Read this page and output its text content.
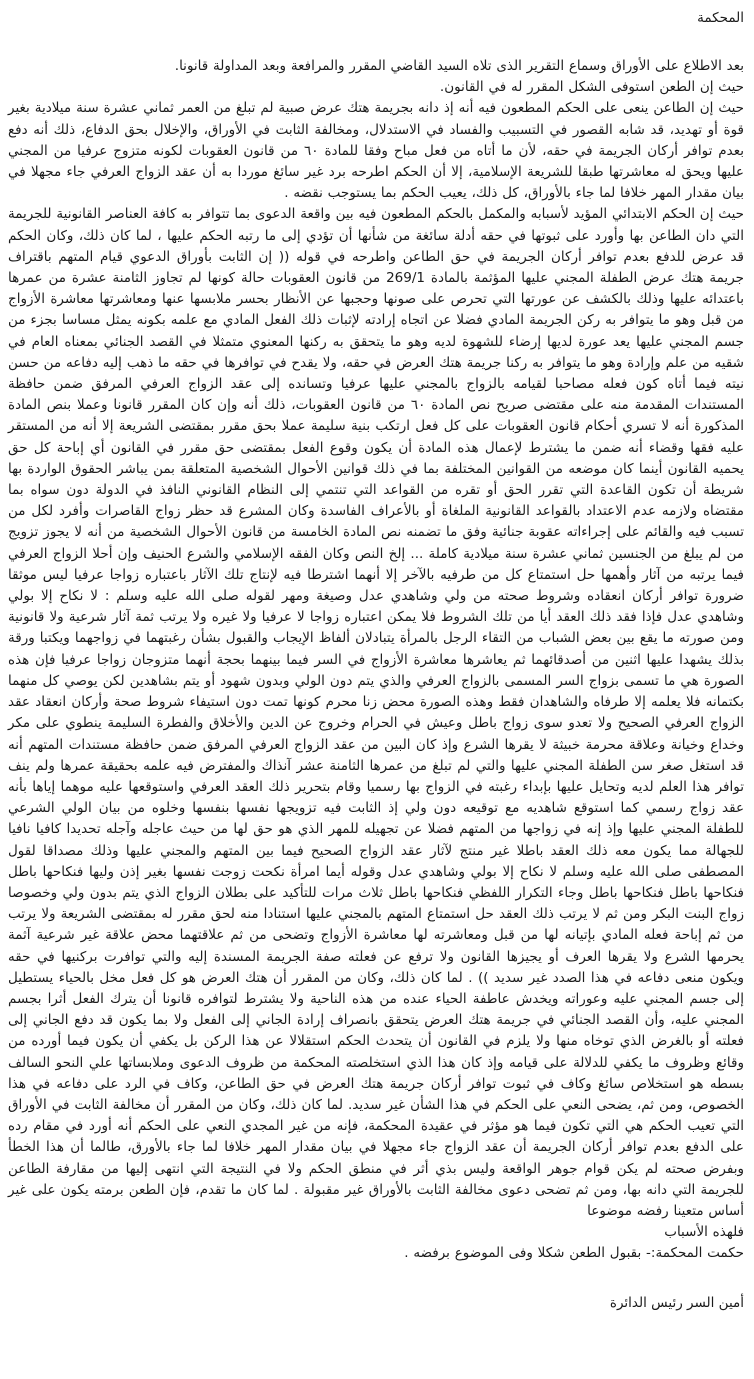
المحكمة

بعد الاطلاع على الأوراق وسماع التقرير الذى تلاه السيد القاضي المقرر والمرافعة وبعد المداولة قانونا.

حيث إن الطعن استوفى الشكل المقرر له في القانون.

حيث إن الطاعن ينعى على الحكم المطعون فيه أنه إذ دانه بجريمة هتك عرض صبية لم تبلغ من العمر ثماني عشرة سنة ميلادية بغير قوة أو تهديد، قد شابه القصور في التسبيب والفساد في الاستدلال، ومخالفة الثابت في الأوراق، والإخلال بحق الدفاع، ذلك أنه دفع بعدم توافر أركان الجريمة في حقه، لأن ما أتاه من فعل مباح وفقا للمادة ٦٠ من قانون العقوبات لكونه متزوج عرفيا من المجني عليها ويحق له معاشرتها طبقا للشريعة الإسلامية، إلا أن الحكم اطرحه برد غير سائغ موردا به أن عقد الزواج العرفي جاء مجهلا في بيان مقدار المهر خلافا لما جاء بالأوراق، كل ذلك، يعيب الحكم بما يستوجب نقضه .

حيث إن الحكم الابتدائي المؤيد لأسبابه والمكمل بالحكم المطعون فيه بين واقعة الدعوى بما تتوافر به كافة العناصر القانونية للجريمة التي دان الطاعن بها وأورد على ثبوتها في حقه أدلة سائغة من شأنها أن تؤدي إلى ما رتبه الحكم عليها ، لما كان ذلك، وكان الحكم قد عرض للدفع بعدم توافر أركان الجريمة في حق الطاعن واطرحه في قوله (( إن الثابت بأوراق الدعوي قيام المتهم باقتراف جريمة هتك عرض الطفلة المجني عليها المؤثمة بالمادة 269/1 من قانون العقوبات حالة كونها لم تجاوز الثامنة عشرة من عمرها باعتدائه عليها وذلك بالكشف عن عورتها التي تحرص على صونها وحجبها عن الأنظار بحسر ملابسها عنها ومعاشرتها معاشرة الأزواج من قبل وهو ما يتوافر به ركن الجريمة المادي فضلا عن اتجاه إرادته لإثبات ذلك الفعل المادي مع علمه بكونه يمثل مساسا بجزء من جسم المجني عليها يعد عورة لديها إرضاء للشهوة لديه وهو ما يتحقق به ركنها المعنوي متمثلا في القصد الجنائي بمعناه العام في شقيه من علم وإرادة وهو ما يتوافر به ركنا جريمة هتك العرض في حقه، ولا يقدح في توافرها في حقه ما ذهب إليه دفاعه من حسن نيته فيما أتاه كون فعله مصاحبا لقيامه بالزواج بالمجني عليها عرفيا وتسانده إلى عقد الزواج العرفي المرفق ضمن حافظة المستندات المقدمة منه على مقتضى صريح نص المادة ٦٠ من قانون العقوبات، ذلك أنه وإن كان المقرر قانونا وعملا بنص المادة المذكورة أنه لا تسري أحكام قانون العقوبات على كل فعل ارتكب بنية سليمة عملا بحق مقرر بمقتضى الشريعة إلا أنه من المستقر عليه فقها وقضاء أنه ضمن ما يشترط لإعمال هذه المادة أن يكون وقوع الفعل بمقتضى حق مقرر في القانون أي إباحة كل حق يحميه القانون أينما كان موضعه من القوانين المختلفة بما في ذلك قوانين الأحوال الشخصية المتعلقة بمن يباشر الحقوق الواردة بها شريطة أن تكون القاعدة التي تقرر الحق أو تقره من القواعد التي تنتمي إلى النظام القانوني النافذ في الدولة دون سواه بما مقتضاه ولازمه عدم الاعتداد بالقواعد القانونية الملغاة أو بالأعراف الفاسدة وكان المشرع قد حظر زواج القاصرات وأفرد لكل من تسبب فيه والقائم على إجراءاته عقوبة جنائية وفق ما تضمنه نص المادة الخامسة من قانون الأحوال الشخصية من أنه لا يجوز تزويج من لم يبلغ من الجنسين ثماني عشرة سنة ميلادية كاملة ... إلخ النص وكان الفقه الإسلامي والشرع الحنيف وإن أحلا الزواج العرفي فيما يرتبه من آثار وأهمها حل استمتاع كل من طرفيه بالآخر إلا أنهما اشترطا فيه لإنتاج تلك الآثار باعتباره زواجا عرفيا ليس موثقا ضرورة توافر أركان انعقاده وشروط صحته من ولي وشاهدي عدل وصيغة ومهر لقوله صلى الله عليه وسلم : لا نكاح إلا بولي وشاهدي عدل فإذا فقد ذلك العقد أيا من تلك الشروط فلا يمكن اعتباره زواجا لا عرفيا ولا غيره ولا يرتب ثمة آثار شرعية ولا قانونية ومن صورته ما يقع بين بعض الشباب من التقاء الرجل بالمرأة يتبادلان ألفاظ الإيجاب والقبول بشأن رغبتهما في زواجهما ويكتبا ورقة بذلك يشهدا عليها اثنين من أصدقائهما ثم يعاشرها معاشرة الأزواج في السر فيما بينهما بحجة أنهما متزوجان زواجا عرفيا فإن هذه الصورة هي ما تسمى بزواج السر المسمى بالزواج العرفي والذي يتم دون الولي وبدون شهود أو يتم بشاهدين لكن يوصي كل منهما بكتمانه فلا يعلمه إلا طرفاه والشاهدان فقط وهذه الصورة محض زنا محرم كونها تمت دون استيفاء شروط صحة وأركان انعقاد عقد الزواج العرفي الصحيح ولا تعدو سوى زواج باطل وعيش في الحرام وخروج عن الدين والأخلاق والفطرة السليمة ينطوي على مكر وخداع وخيانة وعلاقة محرمة خبيثة لا يقرها الشرع وإذ كان البين من عقد الزواج العرفي المرفق ضمن حافظة مستندات المتهم أنه قد استغل صغر سن الطفلة المجني عليها والتي لم تبلغ من عمرها الثامنة عشر آنذاك والمفترض فيه علمه بحقيقة عمرها ولم ينف توافر هذا العلم لديه وتحايل عليها بإبداء رغبته في الزواج بها رسميا وقام بتحرير ذلك العقد العرفي واستوقعها عليه موهما إياها بأنه عقد زواج رسمي كما استوقع شاهديه مع توقيعه دون ولي إذ الثابت فيه تزويجها نفسها بنفسها وخلوه من بيان الولي الشرعي للطفلة المجني عليها وإذ إنه في زواجها من المتهم فضلا عن تجهيله للمهر الذي هو حق لها من حيث عاجله وآجله تحديدا كافيا نافيا للجهالة مما يكون معه ذلك العقد باطلا غير منتج لآثار عقد الزواج الصحيح فيما بين المتهم والمجني عليها وذلك مصداقا لقول المصطفى صلى الله عليه وسلم لا نكاح إلا بولي وشاهدي عدل وقوله أيما امرأة نكحت زوجت نفسها بغير إذن وليها فنكاحها باطل فنكاحها باطل فنكاحها باطل وجاء التكرار اللفظي فنكاحها باطل ثلاث مرات للتأكيد على بطلان الزواج الذي يتم بدون ولي وخصوصا زواج البنت البكر ومن ثم لا يرتب ذلك العقد حل استمتاع المتهم بالمجني عليها استنادا منه لحق مقرر له بمقتضى الشريعة ولا يرتب من ثم إباحة فعله المادي بإتيانه لها من قبل ومعاشرته لها معاشرة الأزواج وتضحى من ثم علاقتهما محض علاقة غير شرعية آثمة يحرمها الشرع ولا يقرها العرف أو يجيزها القانون ولا ترفع عن فعلته صفة الجريمة المسندة إليه والتي توافرت بركنيها في حقه ويكون منعى دفاعه في هذا الصدد غير سديد )) . لما كان ذلك، وكان من المقرر أن هتك العرض هو كل فعل مخل بالحياء يستطيل إلى جسم المجني عليه وعوراته ويخدش عاطفة الحياء عنده من هذه الناحية ولا يشترط لتوافره قانونا أن يترك الفعل أثرا بجسم المجني عليه، وأن القصد الجنائي في جريمة هتك العرض يتحقق بانصراف إرادة الجاني إلى الفعل ولا بما يكون قد دفع الجاني إلى فعلته أو بالغرض الذي توخاه منها ولا يلزم في القانون أن يتحدث الحكم استقلالا عن هذا الركن بل يكفي أن يكون فيما أورده من وقائع وظروف ما يكفي للدلالة على قيامه وإذ كان هذا الذي استخلصته المحكمة من ظروف الدعوى وملابساتها علي النحو السالف بسطه هو استخلاص سائغ وكاف في ثبوت توافر أركان جريمة هتك العرض في حق الطاعن، وكاف في الرد على دفاعه في هذا الخصوص، ومن ثم، يضحى النعي على الحكم في هذا الشأن غير سديد. لما كان ذلك، وكان من المقرر أن مخالفة الثابت في الأوراق التي تعيب الحكم هي التي تكون فيما هو مؤثر في عقيدة المحكمة، فإنه من غير المجدي النعي على الحكم أنه أورد في مقام رده على الدفع بعدم توافر أركان الجريمة أن عقد الزواج جاء مجهلا في بيان مقدار المهر خلافا لما جاء بالأورق، طالما أن هذا الخطأ وبفرض صحته لم يكن قوام جوهر الواقعة وليس بذي أثر في منطق الحكم ولا في النتيجة التي انتهى إليها من مقارفة الطاعن للجريمة التي دانه بها، ومن ثم تضحى دعوى مخالفة الثابت بالأوراق غير مقبولة . لما كان ما تقدم، فإن الطعن برمته يكون على غير أساس متعينا رفضه موضوعا

فلهذه الأسباب

حكمت المحكمة:- بقبول الطعن شكلا وفى الموضوع برفضه .

أمين السر رئيس الدائرة
